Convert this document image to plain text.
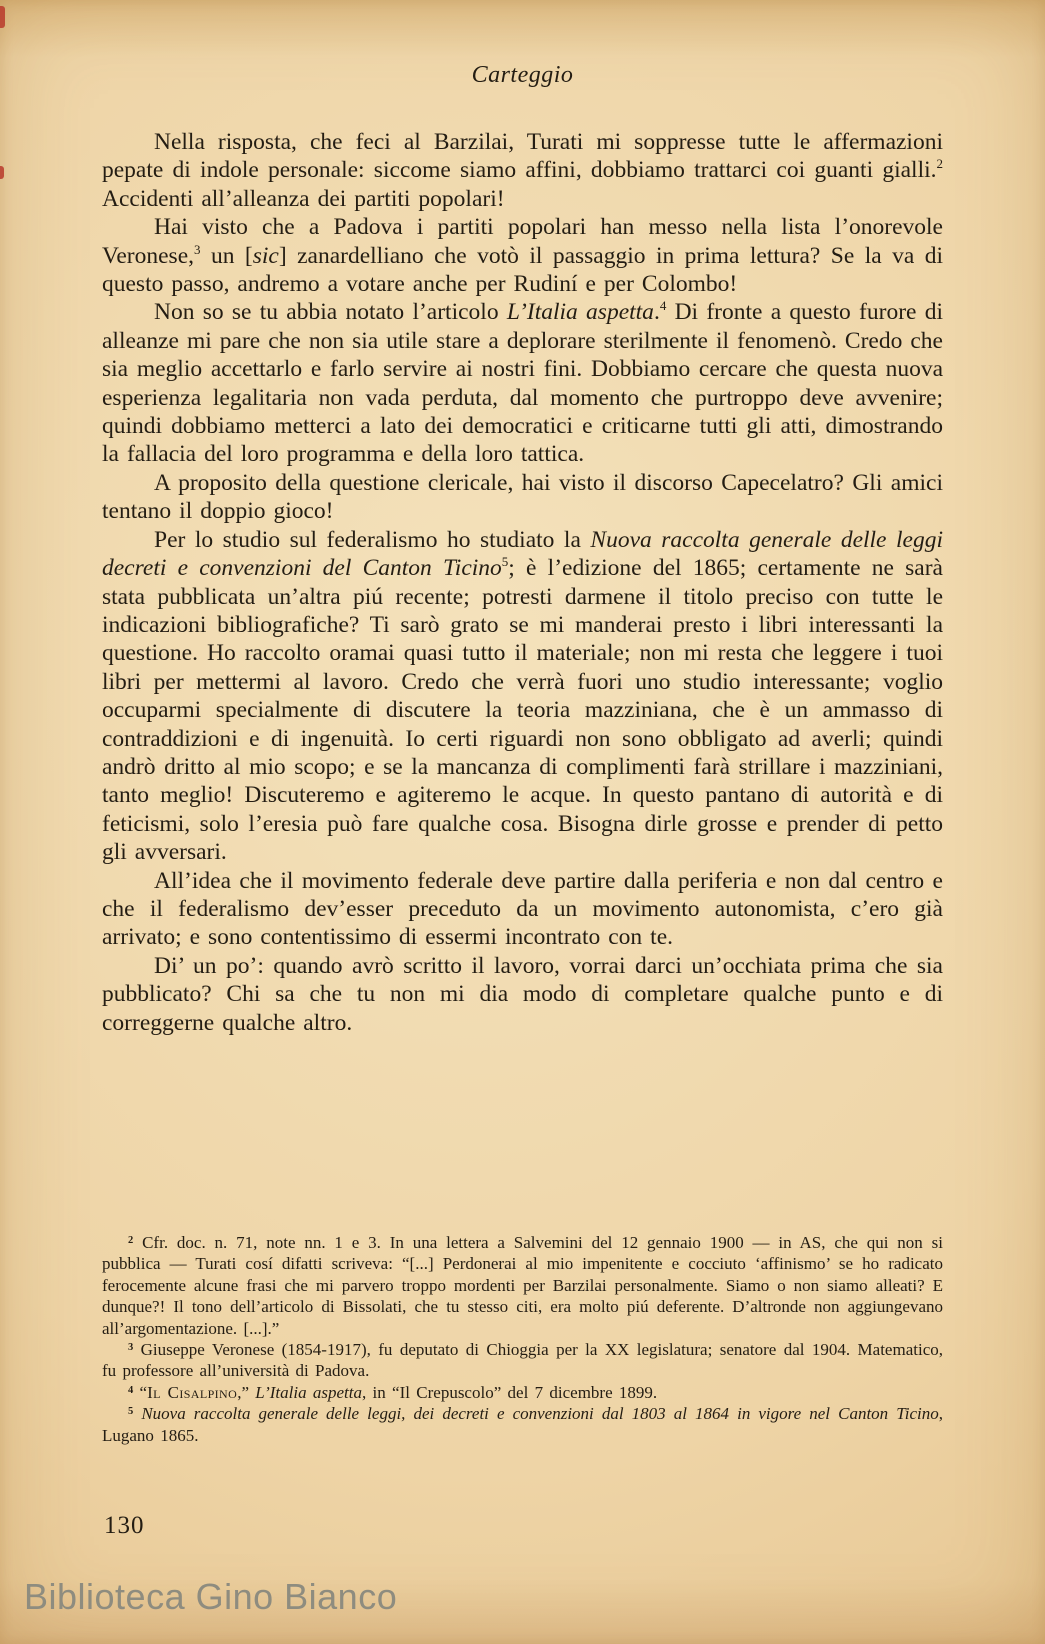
Carteggio

Nella risposta, che feci al Barzilai, Turati mi soppresse tutte le affermazioni pepate di indole personale: siccome siamo affini, dobbiamo trattarci coi guanti gialli.$^2$ Accidenti all’alleanza dei partiti popolari!

Hai visto che a Padova i partiti popolari han messo nella lista l’onorevole Veronese,$^3$ un [sic] zanardelliano che votò il passaggio in prima lettura? Se la va di questo passo, andremo a votare anche per Rudiní e per Colombo!

Non so se tu abbia notato l’articolo L’Italia aspetta.$^4$ Di fronte a questo furore di alleanze mi pare che non sia utile stare a deplorare sterilmente il fenomenò. Credo che sia meglio accettarlo e farlo servire ai nostri fini. Dobbiamo cercare che questa nuova esperienza legalitaria non vada perduta, dal momento che purtroppo deve avvenire; quindi dobbiamo metterci a lato dei democratici e criticarne tutti gli atti, dimostrando la fallacia del loro programma e della loro tattica.

A proposito della questione clericale, hai visto il discorso Capecelatro? Gli amici tentano il doppio gioco!

Per lo studio sul federalismo ho studiato la Nuova raccolta generale delle leggi decreti e convenzioni del Canton Ticino$^5$; è l’edizione del 1865; certamente ne sarà stata pubblicata un’altra piú recente; potresti darmene il titolo preciso con tutte le indicazioni bibliografiche? Ti sarò grato se mi manderai presto i libri interessanti la questione. Ho raccolto oramai quasi tutto il materiale; non mi resta che leggere i tuoi libri per mettermi al lavoro. Credo che verrà fuori uno studio interessante; voglio occuparmi specialmente di discutere la teoria mazziniana, che è un ammasso di contraddizioni e di ingenuità. Io certi riguardi non sono obbligato ad averli; quindi andrò dritto al mio scopo; e se la mancanza di complimenti farà strillare i mazziniani, tanto meglio! Discuteremo e agiteremo le acque. In questo pantano di autorità e di feticismi, solo l’eresia può fare qualche cosa. Bisogna dirle grosse e prender di petto gli avversari.

All’idea che il movimento federale deve partire dalla periferia e non dal centro e che il federalismo dev’esser preceduto da un movimento autonomista, c’ero già arrivato; e sono contentissimo di essermi incontrato con te.

Di’ un po’: quando avrò scritto il lavoro, vorrai darci un’occhiata prima che sia pubblicato? Chi sa che tu non mi dia modo di completare qualche punto e di correggerne qualche altro.

$^2$ Cfr. doc. n. 71, note nn. 1 e 3. In una lettera a Salvemini del 12 gennaio 1900 — in AS, che qui non si pubblica — Turati cosí difatti scriveva: “[...] Perdonerai al mio impenitente e cocciuto ‘affinismo’ se ho radicato ferocemente alcune frasi che mi parvero troppo mordenti per Barzilai personalmente. Siamo o non siamo alleati? E dunque?! Il tono dell’articolo di Bissolati, che tu stesso citi, era molto piú deferente. D’altronde non aggiungevano all’argomentazione. [...].”

$^3$ Giuseppe Veronese (1854-1917), fu deputato di Chioggia per la XX legislatura; senatore dal 1904. Matematico, fu professore all’università di Padova.

$^4$ “Il Cisalpino,” L’Italia aspetta, in “Il Crepuscolo” del 7 dicembre 1899.

$^5$ Nuova raccolta generale delle leggi, dei decreti e convenzioni dal 1803 al 1864 in vigore nel Canton Ticino, Lugano 1865.

130
Biblioteca Gino Bianco
